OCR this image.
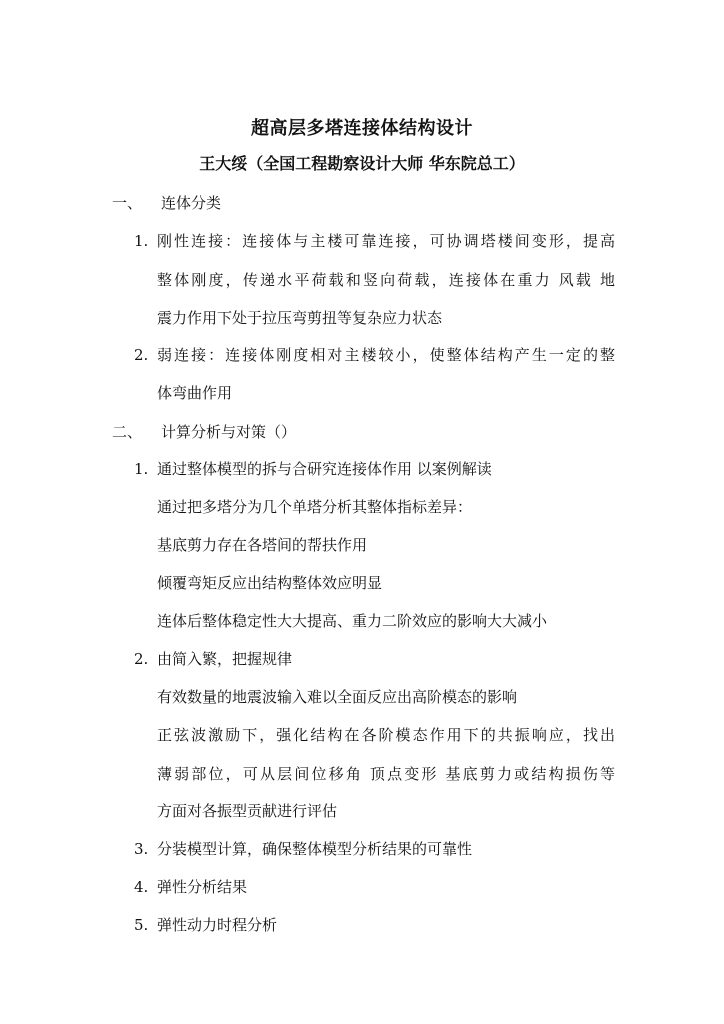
超高层多塔连接体结构设计
王大绥（全国工程勘察设计大师 华东院总工）
一、 连体分类
1. 刚性连接：连接体与主楼可靠连接，可协调塔楼间变形，提高
整体刚度，传递水平荷载和竖向荷载，连接体在重力 风载 地
震力作用下处于拉压弯剪扭等复杂应力状态
2. 弱连接：连接体刚度相对主楼较小，使整体结构产生一定的整
体弯曲作用
二、 计算分析与对策（）
1. 通过整体模型的拆与合研究连接体作用 以案例解读
通过把多塔分为几个单塔分析其整体指标差异：
基底剪力存在各塔间的帮扶作用
倾覆弯矩反应出结构整体效应明显
连体后整体稳定性大大提高、重力二阶效应的影响大大减小
2. 由简入繁，把握规律
有效数量的地震波输入难以全面反应出高阶模态的影响
正弦波激励下，强化结构在各阶模态作用下的共振响应，找出
薄弱部位，可从层间位移角 顶点变形 基底剪力或结构损伤等
方面对各振型贡献进行评估
3. 分装模型计算，确保整体模型分析结果的可靠性
4. 弹性分析结果
5. 弹性动力时程分析
